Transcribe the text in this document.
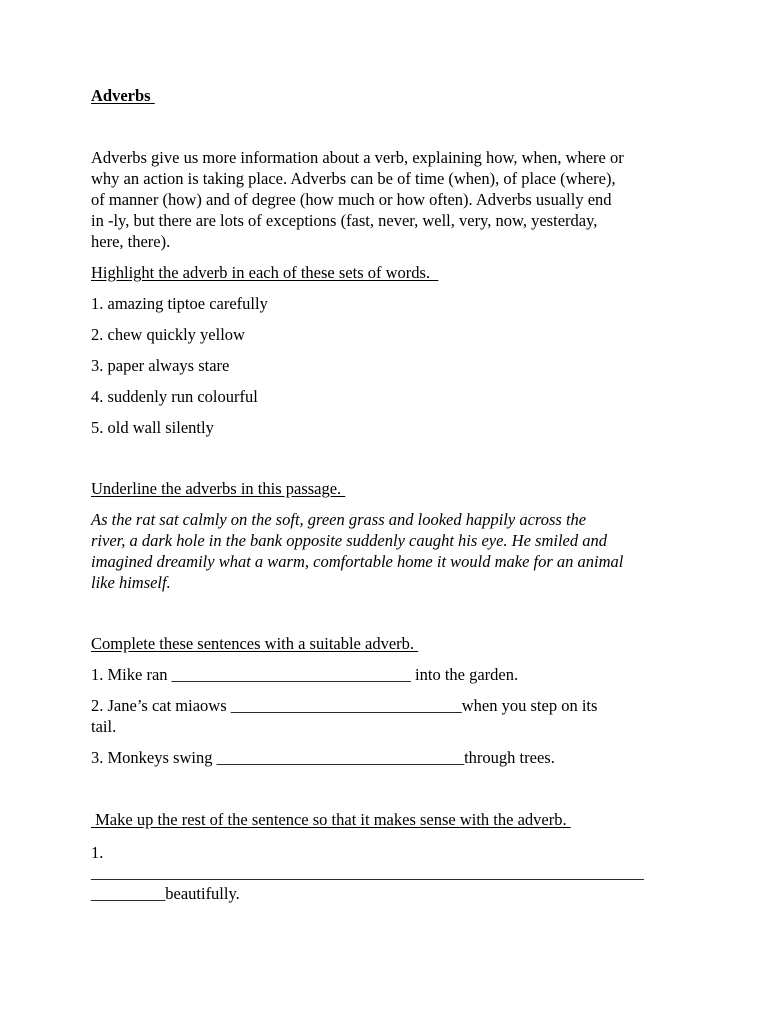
Adverbs
Adverbs give us more information about a verb, explaining how, when, where or
why an action is taking place. Adverbs can be of time (when), of place (where),
of manner (how) and of degree (how much or how often). Adverbs usually end
in -ly, but there are lots of exceptions (fast, never, well, very, now, yesterday,
here, there).
Highlight the adverb in each of these sets of words.
1. amazing tiptoe carefully
2. chew quickly yellow
3. paper always stare
4. suddenly run colourful
5. old wall silently
Underline the adverbs in this passage.
As the rat sat calmly on the soft, green grass and looked happily across the
river, a dark hole in the bank opposite suddenly caught his eye. He smiled and
imagined dreamily what a warm, comfortable home it would make for an animal
like himself.
Complete these sentences with a suitable adverb.
1. Mike ran _____________________________ into the garden.
2. Jane’s cat miaows ____________________________when you step on its
tail.
3. Monkeys swing ______________________________through trees.
Make up the rest of the sentence so that it makes sense with the adverb.
1.
___________________________________________________________________
_________beautifully.
